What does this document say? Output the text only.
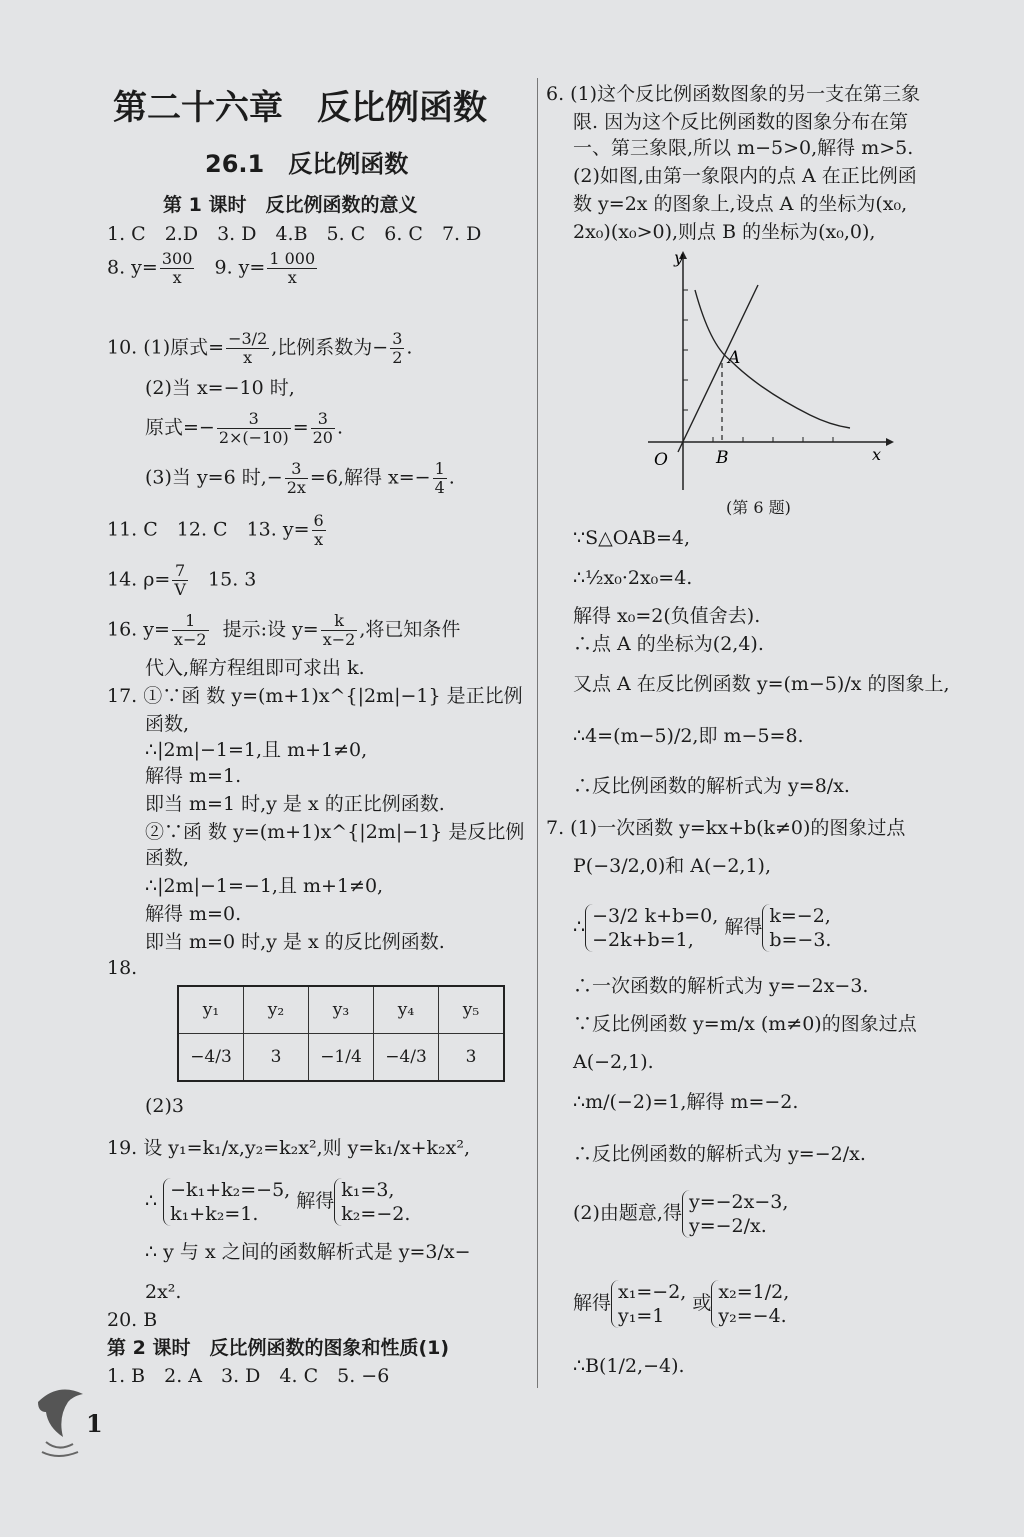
第二十六章　反比例函数
26.1　反比例函数
第 1 课时　反比例函数的意义
1. C　2.D　3. D　4.B　5. C　6. C　7. D
8. $y= \frac{300}{x} 9$. $y= \frac{1 000}{x}$
10. (1)原式= $\frac{-3/2}{x}$ ,比例系数为− $\frac{3}{2}$ .
(2)当 x=−10 时,
原式=− $\frac{3}{2\times(-10)} = \frac{3}{20}$ .
(3)当 y=6 时,− $\frac{3}{2x} =6$,解得 $x=- \frac{1}{4}$ .
11. C　12. C　13. $y= \frac{6}{x}$
14. $\rho= \frac{7}{V} 15$. 3
16. $y= \frac{1}{x-2}$ 提示:设 $y= \frac{k}{x-2}$ ,将已知条件
代入,解方程组即可求出 k.
17. ①∵函 数 y=(m+1)x^{|2m|−1} 是正比例
函数,
∴|2m|−1=1,且 m+1≠0,
解得 m=1.
即当 m=1 时,y 是 x 的正比例函数.
②∵函 数 y=(m+1)x^{|2m|−1} 是反比例
函数,
∴|2m|−1=−1,且 m+1≠0,
解得 m=0.
即当 m=0 时,y 是 x 的反比例函数.
18.
y₁	y₂	y₃	y₄	y₅
−4/3	3	−1/4	−4/3	3
(2)3
19. 设 y₁=k₁/x,y₂=k₂x²,则 y=k₁/x+k₂x²,
∴ −k₁+k₂=−5,
k₁+k₂=1. 解得 k₁=3,
k₂=−2.
∴ y 与 x 之间的函数解析式是 y=3/x−
2x².
20. B
第 2 课时　反比例函数的图象和性质(1)
1. B　2. A　3. D　4. C　5. −6
1
6. (1)这个反比例函数图象的另一支在第三象
限. 因为这个反比例函数的图象分布在第
一、第三象限,所以 m−5>0,解得 m>5.
(2)如图,由第一象限内的点 A 在正比例函
数 y=2x 的图象上,设点 A 的坐标为(x₀,
2x₀)(x₀>0),则点 B 的坐标为(x₀,0),
y
x
O
A
B
(第 6 题)
∵S△OAB=4,
∴½x₀·2x₀=4.
解得 x₀=2(负值舍去).
∴点 A 的坐标为(2,4).
又点 A 在反比例函数 y=(m−5)/x 的图象上,
∴4=(m−5)/2,即 m−5=8.
∴反比例函数的解析式为 y=8/x.
7. (1)一次函数 y=kx+b(k≠0)的图象过点
P(−3/2,0)和 A(−2,1),
∴ −3/2 k+b=0,
−2k+b=1, 解得 k=−2,
b=−3.
∴一次函数的解析式为 y=−2x−3.
∵反比例函数 y=m/x (m≠0)的图象过点
A(−2,1).
∴m/(−2)=1,解得 m=−2.
∴反比例函数的解析式为 y=−2/x.
(2)由题意,得 y=−2x−3,
y=−2/x.
解得 x₁=−2,
y₁=1 或 x₂=1/2,
y₂=−4.
∴B(1/2,−4).
